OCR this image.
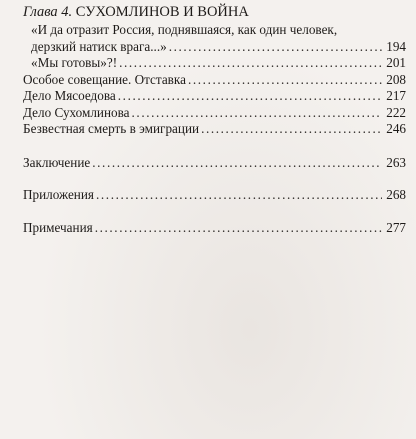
Глава 4. СУХОМЛИНОВ И ВОЙНА
«И да отразит Россия, поднявшаяся, как один человек,
дерзкий натиск врага...» .....	194
«Мы готовы»?! .....	201
Особое совещание. Отставка .....	208
Дело Мясоедова .....	217
Дело Сухомлинова .....	222
Безвестная смерть в эмиграции .....	246
Заключение .....	263
Приложения .....	268
Примечания .....	277
